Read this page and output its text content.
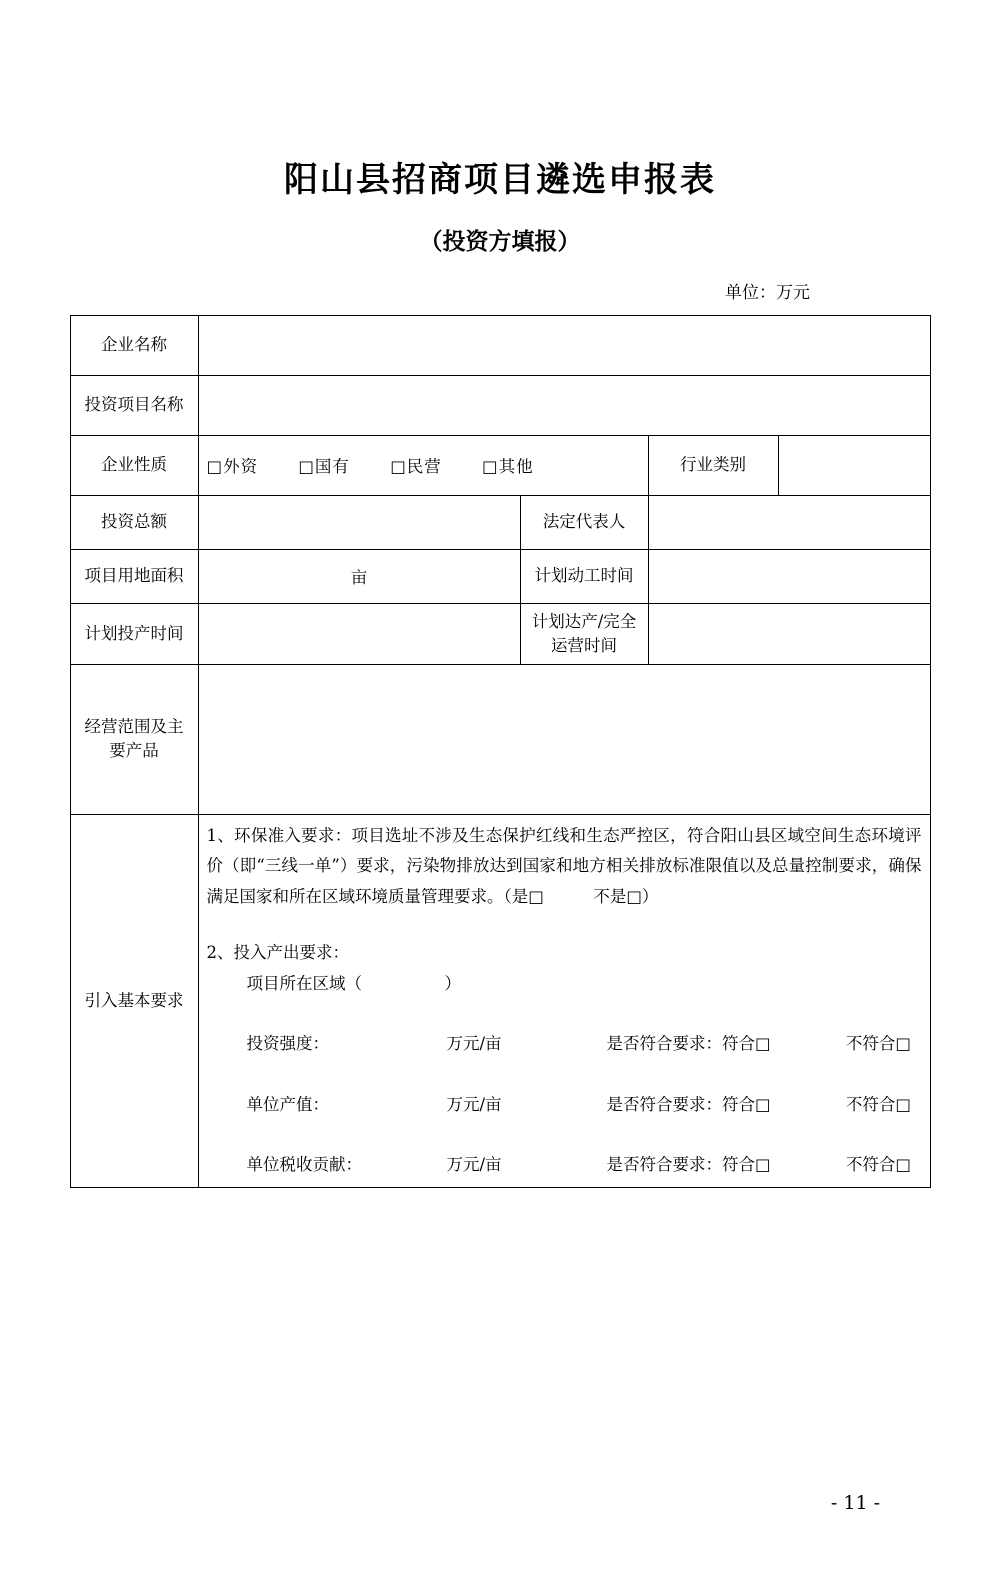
阳山县招商项目遴选申报表
（投资方填报）
单位：万元
企业名称				
投资项目名称				
企业性质	□外资 □国有 □民营 □其他		行业类别	
投资总额		法定代表人		
项目用地面积	亩	计划动工时间		
计划投产时间		计划达产/完全运营时间		
经营范围及主要产品				
引入基本要求	

1、环保准入要求：项目选址不涉及生态保护红线和生态严控区，符合阳山县区域空间生态环境评价（即“三线一单”）要求，污染物排放达到国家和地方相关排放标准限值以及总量控制要求，确保满足国家和所在区域环境质量管理要求。（是□　　　不是□）

2、投入产出要求：

项目所在区域（　　　　　）

投资强度：	万元/亩	是否符合要求：符合□	不符合□
单位产值：	万元/亩	是否符合要求：符合□	不符合□
单位税收贡献：	万元/亩	是否符合要求：符合□	不符合□
- 11 -
